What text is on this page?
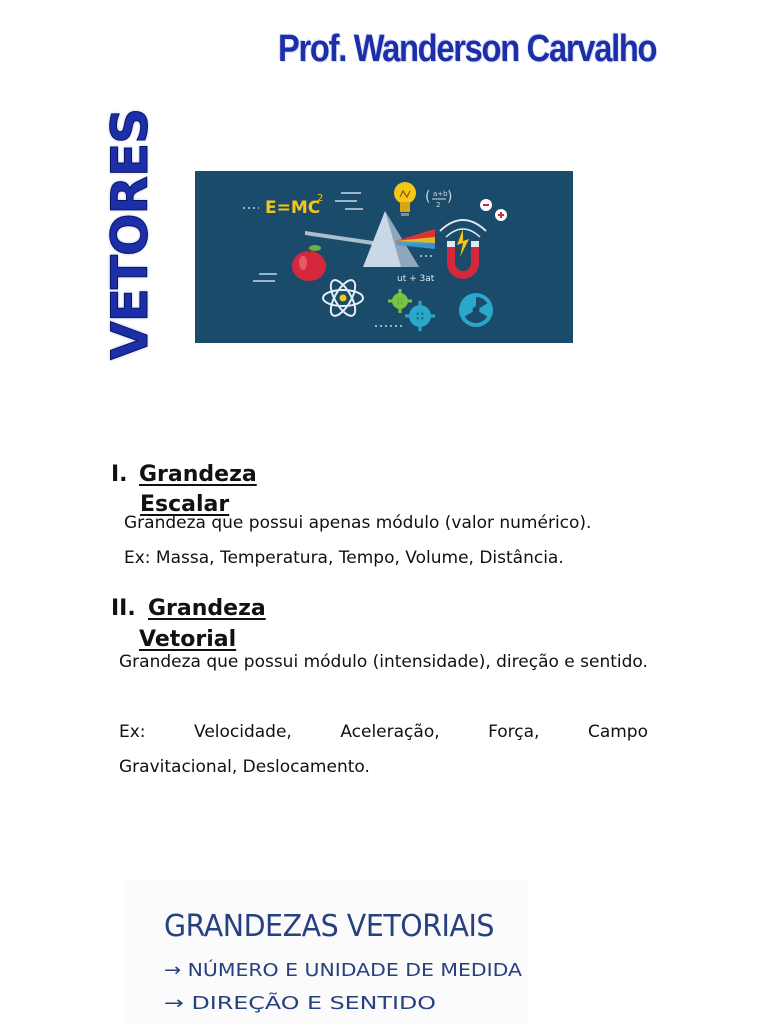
Prof. Wanderson Carvalho
VETORES	E=MC
2	( a+b
2 )
ut + 3at
I. Grandeza
Escalar
Grandeza que possui apenas módulo (valor numérico).
Ex: Massa, Temperatura, Tempo, Volume, Distância.
II. Grandeza
Vetorial
Grandeza que possui módulo (intensidade), direção e sentido.
Ex: Velocidade, Aceleração, Força, Campo
Gravitacional, Deslocamento.
GRANDEZAS VETORIAIS
→ NÚMERO E UNIDADE DE MEDIDA
→ DIREÇÃO E SENTIDO
